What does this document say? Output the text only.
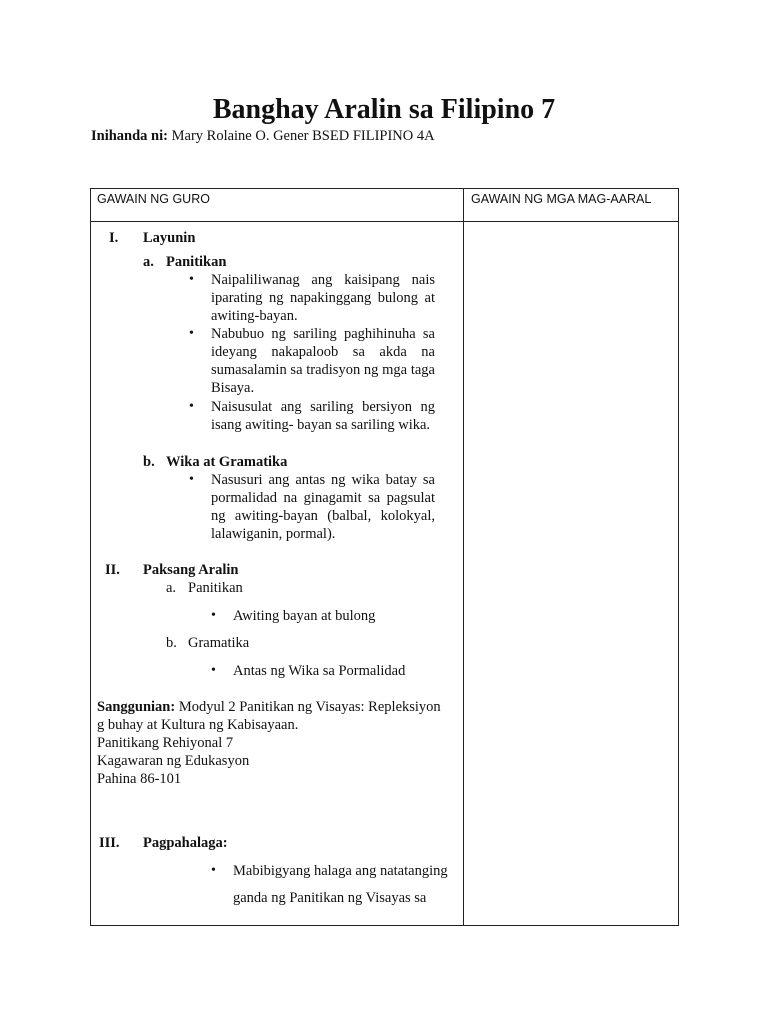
Banghay Aralin sa Filipino 7
Inihanda ni: Mary Rolaine O. Gener BSED FILIPINO 4A
GAWAIN NG GURO	GAWAIN NG MGA MAG-AARAL
I. Layunin
a. Panitikan
• Naipaliliwanag ang kaisipang nais iparating ng napakinggang bulong at awiting-bayan.
• Nabubuo ng sariling paghihinuha sa ideyang nakapaloob sa akda na sumasalamin sa tradisyon ng mga taga Bisaya.
• Naisusulat ang sariling bersiyon ng isang awiting- bayan sa sariling wika.
b. Wika at Gramatika
• Nasusuri ang antas ng wika batay sa pormalidad na ginagamit sa pagsulat ng awiting-bayan (balbal, kolokyal, lalawiganin, pormal).
II. Paksang Aralin
a. Panitikan
• Awiting bayan at bulong
b. Gramatika
• Antas ng Wika sa Pormalidad
Sanggunian: Modyul 2 Panitikan ng Visayas: Repleksiyon
g buhay at Kultura ng Kabisayaan.
Panitikang Rehiyonal 7
Kagawaran ng Edukasyon
Pahina 86-101
III. Pagpahalaga:
• Mabibigyang halaga ang natatanging
ganda ng Panitikan ng Visayas sa
